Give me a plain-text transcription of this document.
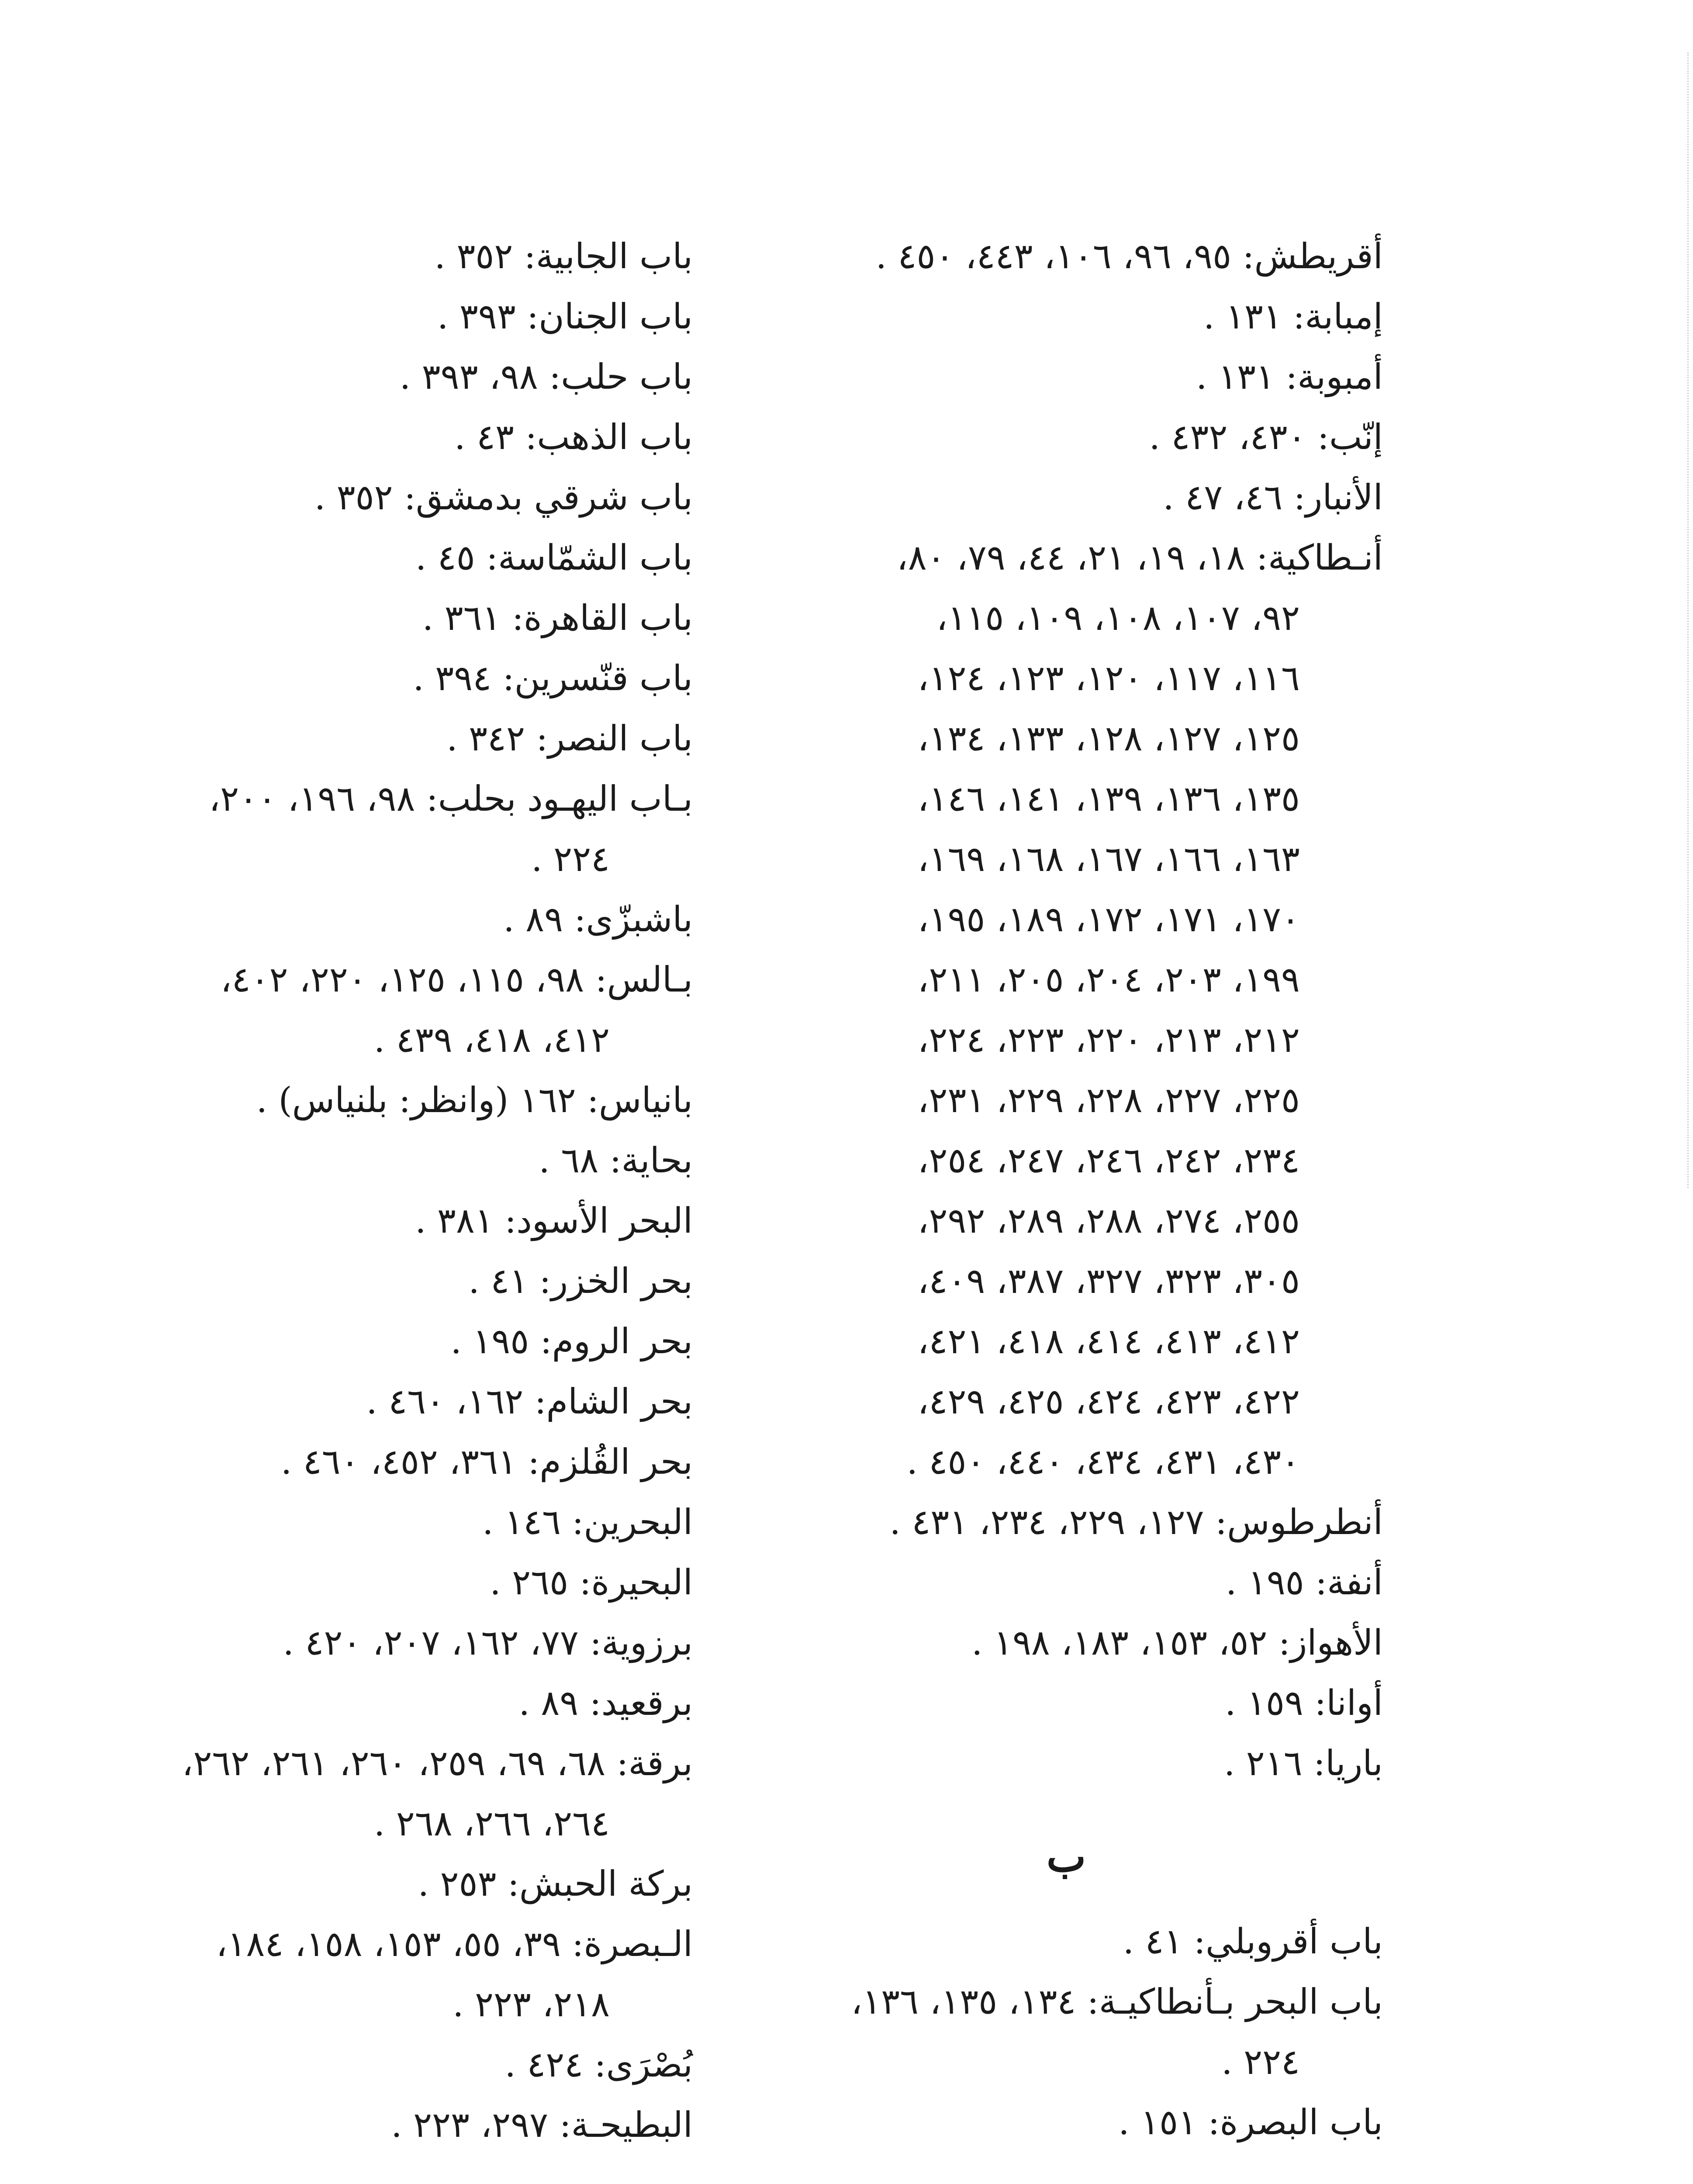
أقريطش: ٩٥، ٩٦، ١٠٦، ٤٤٣، ٤٥٠ .
إمبابة: ١٣١ .
أمبوبة: ١٣١ .
إنّب: ٤٣٠، ٤٣٢ .
الأنبار: ٤٦، ٤٧ .
أنـطاكية: ١٨، ١٩، ٢١، ٤٤، ٧٩، ٨٠،
٩٢، ١٠٧، ١٠٨، ١٠٩، ١١٥،
١١٦، ١١٧، ١٢٠، ١٢٣، ١٢٤،
١٢٥، ١٢٧، ١٢٨، ١٣٣، ١٣٤،
١٣٥، ١٣٦، ١٣٩، ١٤١، ١٤٦،
١٦٣، ١٦٦، ١٦٧، ١٦٨، ١٦٩،
١٧٠، ١٧١، ١٧٢، ١٨٩، ١٩٥،
١٩٩، ٢٠٣، ٢٠٤، ٢٠٥، ٢١١،
٢١٢، ٢١٣، ٢٢٠، ٢٢٣، ٢٢٤،
٢٢٥، ٢٢٧، ٢٢٨، ٢٢٩، ٢٣١،
٢٣٤، ٢٤٢، ٢٤٦، ٢٤٧، ٢٥٤،
٢٥٥، ٢٧٤، ٢٨٨، ٢٨٩، ٢٩٢،
٣٠٥، ٣٢٣، ٣٢٧، ٣٨٧، ٤٠٩،
٤١٢، ٤١٣، ٤١٤، ٤١٨، ٤٢١،
٤٢٢، ٤٢٣، ٤٢٤، ٤٢٥، ٤٢٩،
٤٣٠، ٤٣١، ٤٣٤، ٤٤٠، ٤٥٠ .
أنطرطوس: ١٢٧، ٢٢٩، ٢٣٤، ٤٣١ .
أنفة: ١٩٥ .
الأهواز: ٥٢، ١٥٣، ١٨٣، ١٩٨ .
أوانا: ١٥٩ .
باريا: ٢١٦ .
ب
باب أقروبلي: ٤١ .
باب البحر بـأنطاكيـة: ١٣٤، ١٣٥، ١٣٦،
٢٢٤ .
باب البصرة: ١٥١ .
باب الجابية: ٣٥٢ .
باب الجنان: ٣٩٣ .
باب حلب: ٩٨، ٣٩٣ .
باب الذهب: ٤٣ .
باب شرقي بدمشق: ٣٥٢ .
باب الشمّاسة: ٤٥ .
باب القاهرة: ٣٦١ .
باب قنّسرين: ٣٩٤ .
باب النصر: ٣٤٢ .
بـاب اليهـود بحلب: ٩٨، ١٩٦، ٢٠٠،
٢٢٤ .
باشبزّى: ٨٩ .
بـالس: ٩٨، ١١٥، ١٢٥، ٢٢٠، ٤٠٢،
٤١٢، ٤١٨، ٤٣٩ .
بانياس: ١٦٢ (وانظر: بلنياس) .
بحاية: ٦٨ .
البحر الأسود: ٣٨١ .
بحر الخزر: ٤١ .
بحر الروم: ١٩٥ .
بحر الشام: ١٦٢، ٤٦٠ .
بحر القُلزم: ٣٦١، ٤٥٢، ٤٦٠ .
البحرين: ١٤٦ .
البحيرة: ٢٦٥ .
برزوية: ٧٧، ١٦٢، ٢٠٧، ٤٢٠ .
برقعيد: ٨٩ .
برقة: ٦٨، ٦٩، ٢٥٩، ٢٦٠، ٢٦١، ٢٦٢،
٢٦٤، ٢٦٦، ٢٦٨ .
بركة الحبش: ٢٥٣ .
الـبصرة: ٣٩، ٥٥، ١٥٣، ١٥٨، ١٨٤،
٢١٨، ٢٢٣ .
بُصْرَى: ٤٢٤ .
البطيحـة: ٢٩٧، ٢٢٣ .
